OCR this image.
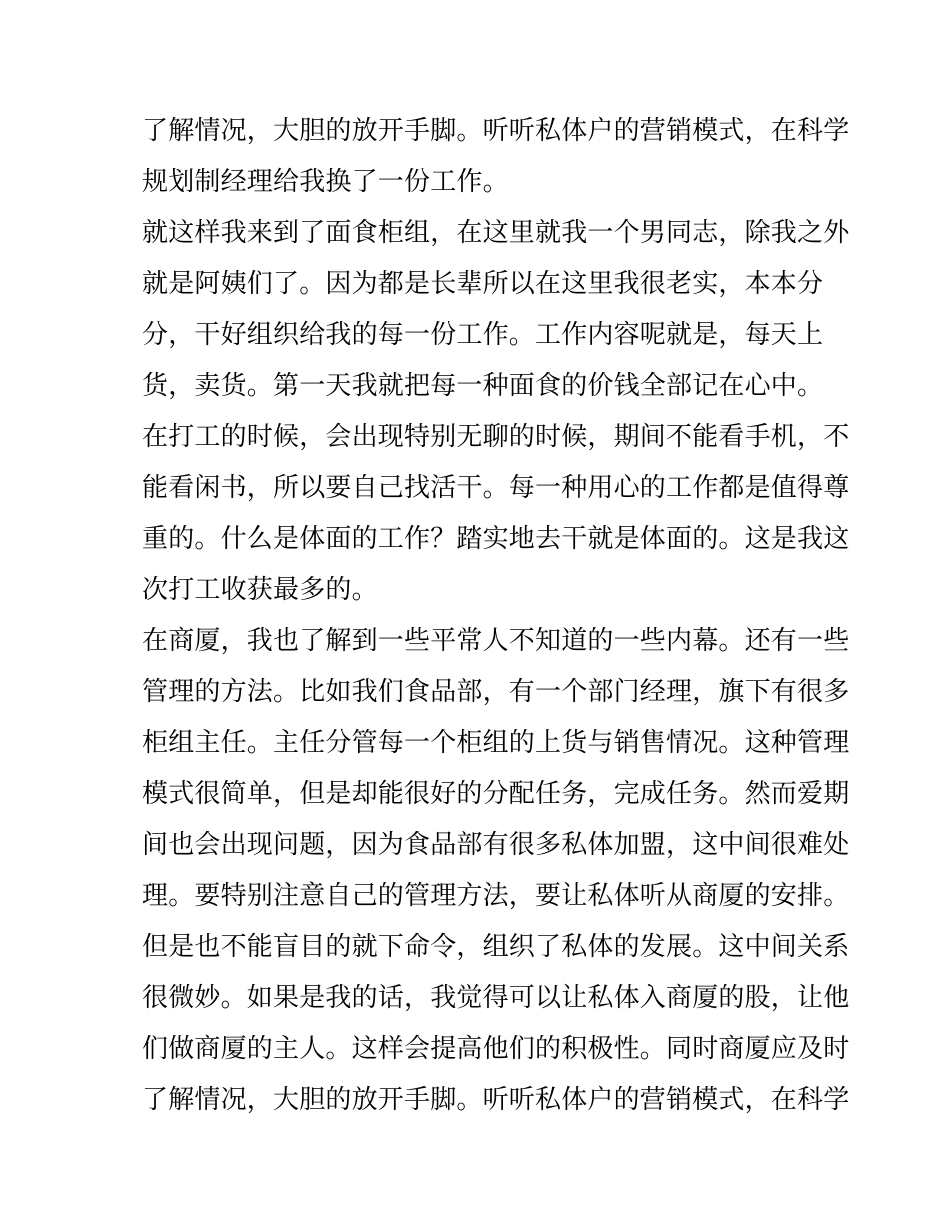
了解情况，大胆的放开手脚。听听私体户的营销模式，在科学
规划制经理给我换了一份工作。
就这样我来到了面食柜组，在这里就我一个男同志，除我之外
就是阿姨们了。因为都是长辈所以在这里我很老实，本本分
分，干好组织给我的每一份工作。工作内容呢就是，每天上
货，卖货。第一天我就把每一种面食的价钱全部记在心中。
在打工的时候，会出现特别无聊的时候，期间不能看手机，不
能看闲书，所以要自己找活干。每一种用心的工作都是值得尊
重的。什么是体面的工作？踏实地去干就是体面的。这是我这
次打工收获最多的。
在商厦，我也了解到一些平常人不知道的一些内幕。还有一些
管理的方法。比如我们食品部，有一个部门经理，旗下有很多
柜组主任。主任分管每一个柜组的上货与销售情况。这种管理
模式很简单，但是却能很好的分配任务，完成任务。然而爱期
间也会出现问题，因为食品部有很多私体加盟，这中间很难处
理。要特别注意自己的管理方法，要让私体听从商厦的安排。
但是也不能盲目的就下命令，组织了私体的发展。这中间关系
很微妙。如果是我的话，我觉得可以让私体入商厦的股，让他
们做商厦的主人。这样会提高他们的积极性。同时商厦应及时
了解情况，大胆的放开手脚。听听私体户的营销模式，在科学
